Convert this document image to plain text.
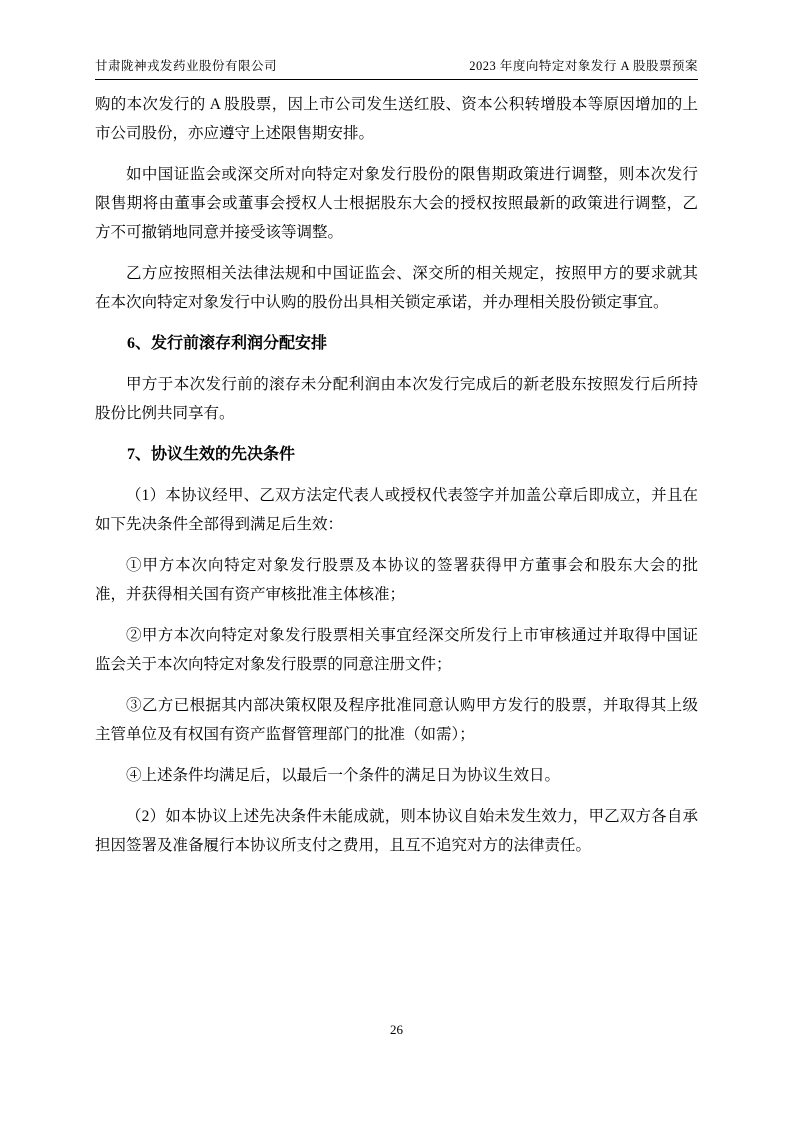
甘肃陇神戎发药业股份有限公司	2023 年度向特定对象发行 A 股股票预案

购的本次发行的 A 股股票，因上市公司发生送红股、资本公积转增股本等原因增加的上市公司股份，亦应遵守上述限售期安排。

如中国证监会或深交所对向特定对象发行股份的限售期政策进行调整，则本次发行限售期将由董事会或董事会授权人士根据股东大会的授权按照最新的政策进行调整，乙方不可撤销地同意并接受该等调整。

乙方应按照相关法律法规和中国证监会、深交所的相关规定，按照甲方的要求就其在本次向特定对象发行中认购的股份出具相关锁定承诺，并办理相关股份锁定事宜。

6、发行前滚存利润分配安排

甲方于本次发行前的滚存未分配利润由本次发行完成后的新老股东按照发行后所持股份比例共同享有。

7、协议生效的先决条件

（1）本协议经甲、乙双方法定代表人或授权代表签字并加盖公章后即成立，并且在如下先决条件全部得到满足后生效：

①甲方本次向特定对象发行股票及本协议的签署获得甲方董事会和股东大会的批准，并获得相关国有资产审核批准主体核准；

②甲方本次向特定对象发行股票相关事宜经深交所发行上市审核通过并取得中国证监会关于本次向特定对象发行股票的同意注册文件；

③乙方已根据其内部决策权限及程序批准同意认购甲方发行的股票，并取得其上级主管单位及有权国有资产监督管理部门的批准（如需）；

④上述条件均满足后，以最后一个条件的满足日为协议生效日。

（2）如本协议上述先决条件未能成就，则本协议自始未发生效力，甲乙双方各自承担因签署及准备履行本协议所支付之费用，且互不追究对方的法律责任。

26
